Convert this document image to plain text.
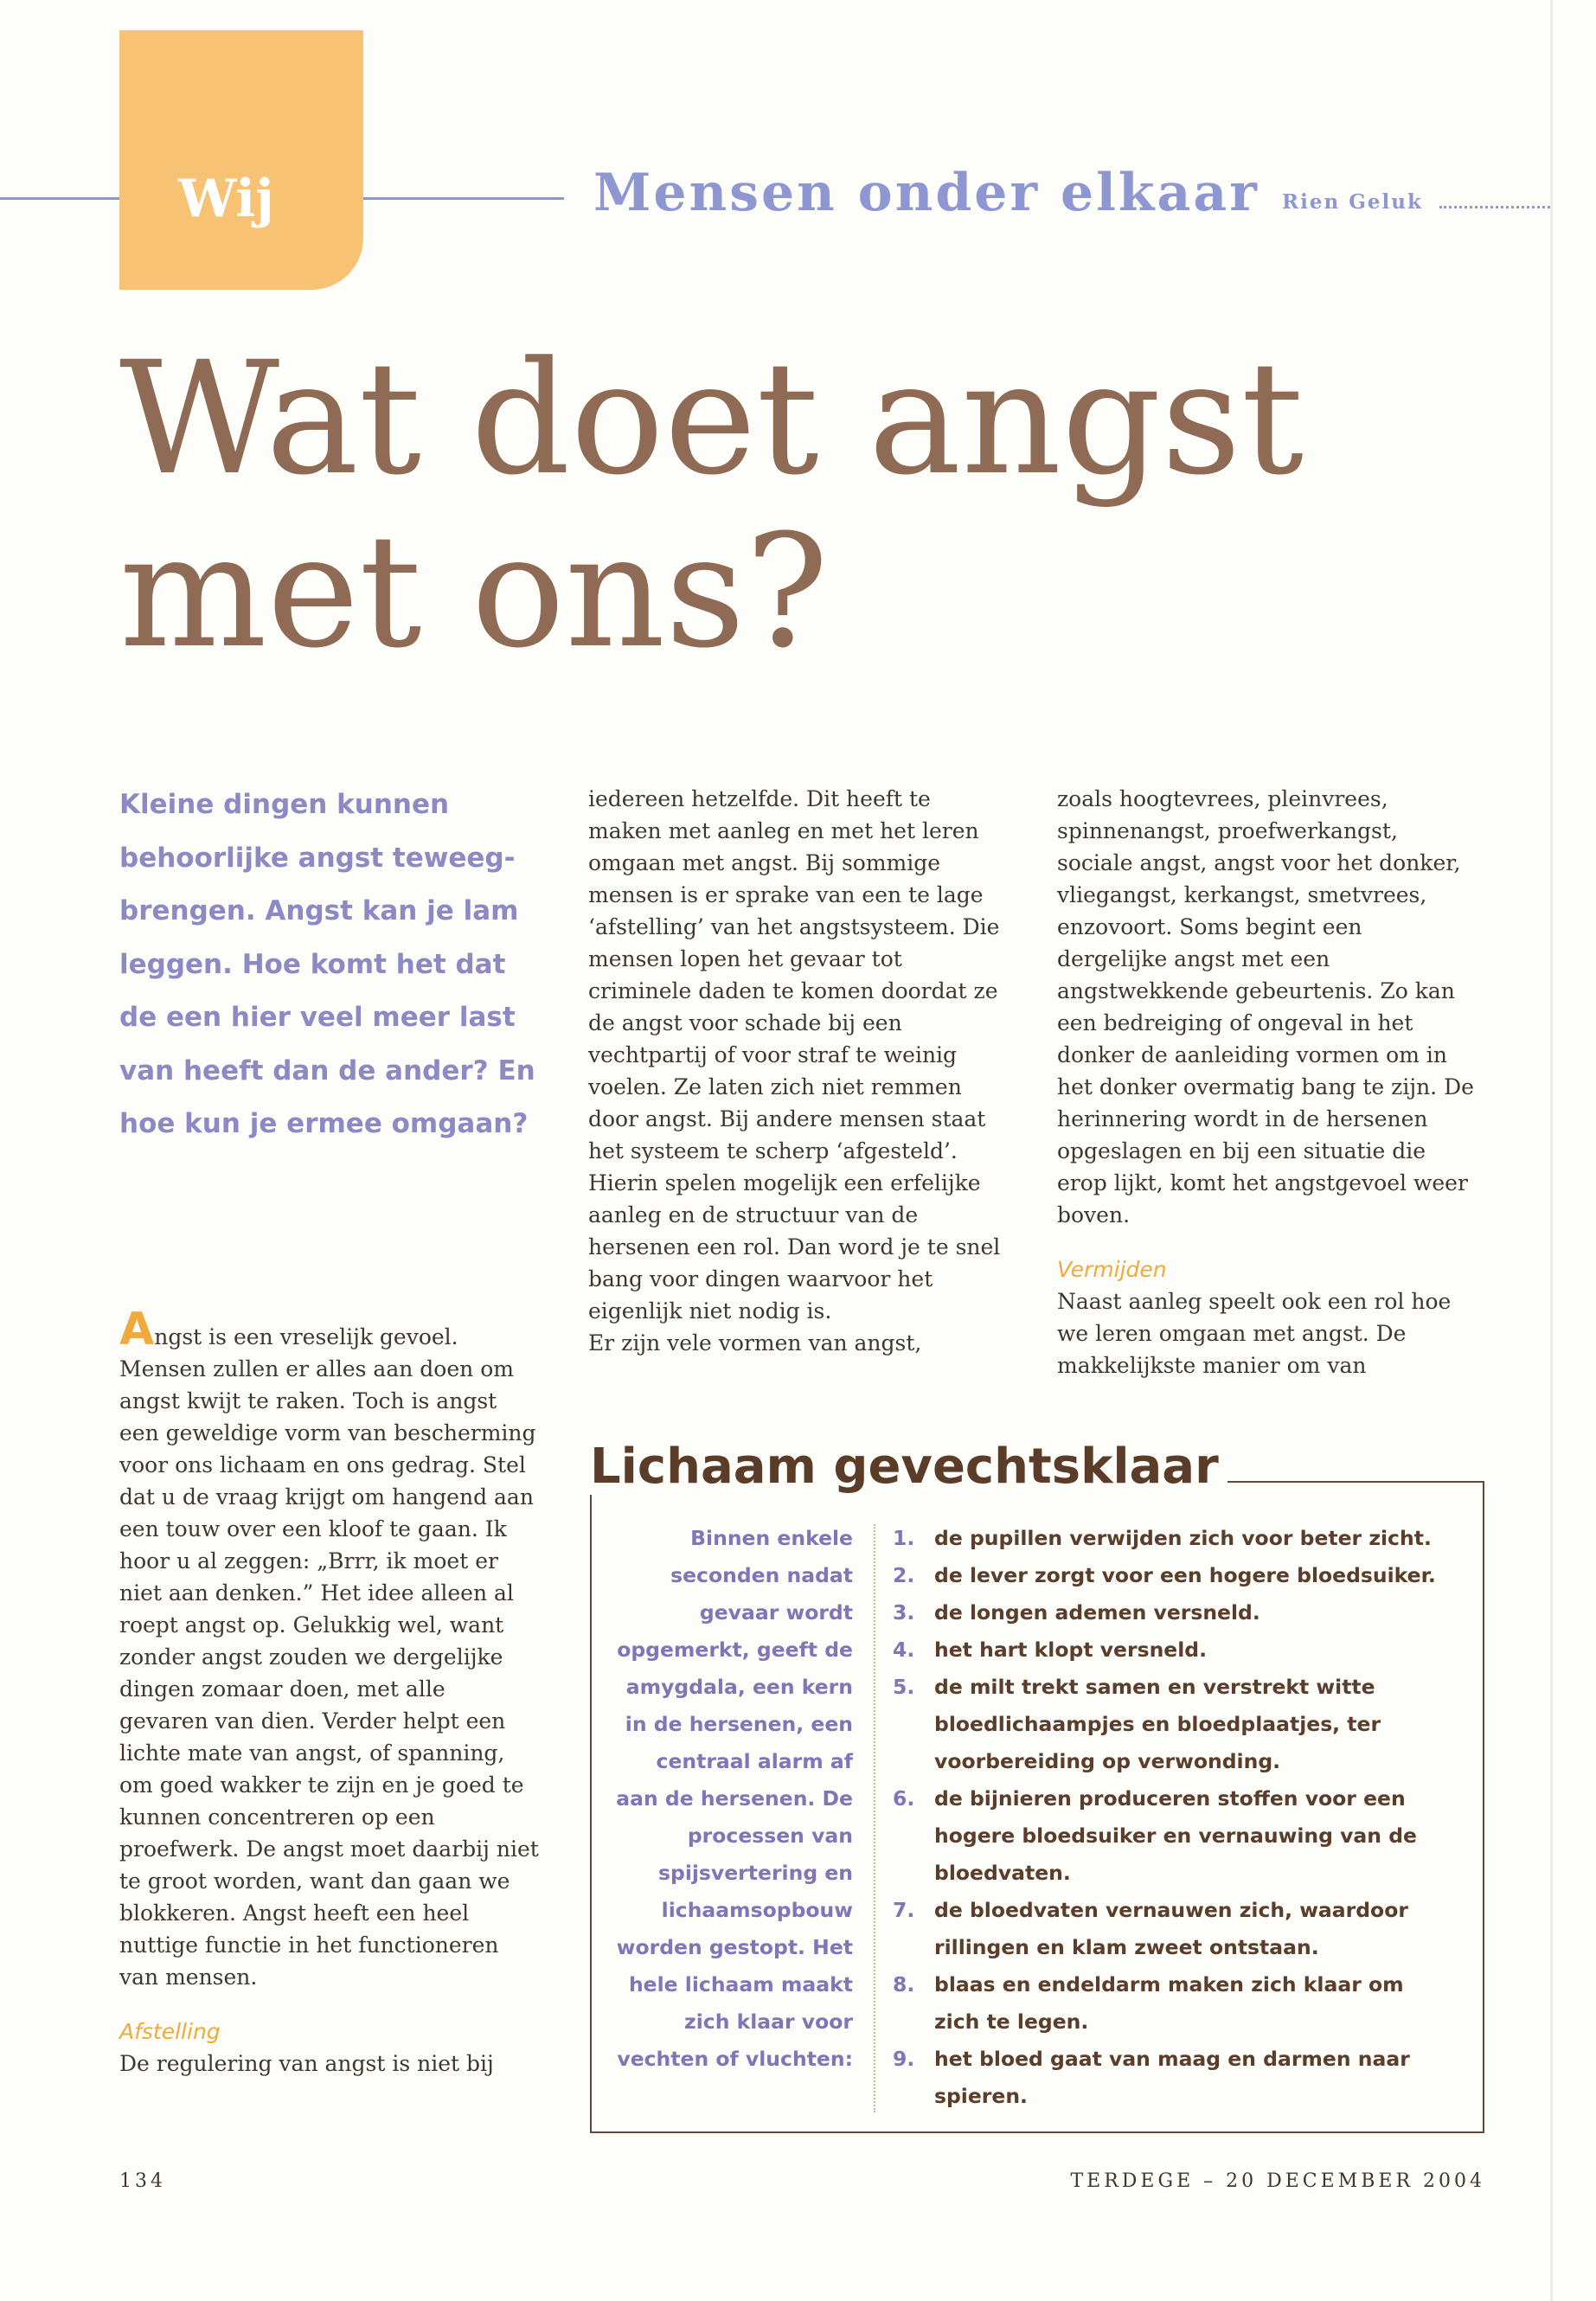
Wij	Mensen onder elkaar Rien Geluk
Wat doet angst met ons?

Kleine dingen kunnen behoorlijke angst teweeg-brengen. Angst kan je lam leggen. Hoe komt het dat de een hier veel meer last van heeft dan de ander? En hoe kun je ermee omgaan?

Angst is een vreselijk gevoel. Mensen zullen er alles aan doen om angst kwijt te raken. Toch is angst een geweldige vorm van bescherming voor ons lichaam en ons gedrag. Stel dat u de vraag krijgt om hangend aan een touw over een kloof te gaan. Ik hoor u al zeggen: „Brrr, ik moet er niet aan denken.” Het idee alleen al roept angst op. Gelukkig wel, want zonder angst zouden we dergelijke dingen zomaar doen, met alle gevaren van dien. Verder helpt een lichte mate van angst, of spanning, om goed wakker te zijn en je goed te kunnen concentreren op een proefwerk. De angst moet daarbij niet te groot worden, want dan gaan we blokkeren. Angst heeft een heel nuttige functie in het functioneren van mensen.

Afstelling

De regulering van angst is niet bij

iedereen hetzelfde. Dit heeft te maken met aanleg en met het leren omgaan met angst. Bij sommige mensen is er sprake van een te lage ‘afstelling’ van het angstsysteem. Die mensen lopen het gevaar tot criminele daden te komen doordat ze de angst voor schade bij een vechtpartij of voor straf te weinig voelen. Ze laten zich niet remmen door angst. Bij andere mensen staat het systeem te scherp ‘afgesteld’. Hierin spelen mogelijk een erfelijke aanleg en de structuur van de hersenen een rol. Dan word je te snel bang voor dingen waarvoor het eigenlijk niet nodig is.

Er zijn vele vormen van angst,

zoals hoogtevrees, pleinvrees, spinnenangst, proefwerkangst, sociale angst, angst voor het donker, vliegangst, kerkangst, smetvrees, enzovoort. Soms begint een dergelijke angst met een angstwekkende gebeurtenis. Zo kan een bedreiging of ongeval in het donker de aanleiding vormen om in het donker overmatig bang te zijn. De herinnering wordt in de hersenen opgeslagen en bij een situatie die erop lijkt, komt het angstgevoel weer boven.

Vermijden

Naast aanleg speelt ook een rol hoe we leren omgaan met angst. De makkelijkste manier om van

Lichaam gevechtsklaar

Binnen enkele seconden nadat gevaar wordt opgemerkt, geeft de amygdala, een kern in de hersenen, een centraal alarm af aan de hersenen. De processen van spijsvertering en lichaamsopbouw worden gestopt. Het hele lichaam maakt zich klaar voor vechten of vluchten:

1. de pupillen verwijden zich voor beter zicht.
2. de lever zorgt voor een hogere bloedsuiker.
3. de longen ademen versneld.
4. het hart klopt versneld.
5. de milt trekt samen en verstrekt witte bloedlichaampjes en bloedplaatjes, ter voorbereiding op verwonding.
6. de bijnieren produceren stoffen voor een hogere bloedsuiker en vernauwing van de bloedvaten.
7. de bloedvaten vernauwen zich, waardoor rillingen en klam zweet ontstaan.
8. blaas en endeldarm maken zich klaar om zich te legen.
9. het bloed gaat van maag en darmen naar spieren.
134	TERDEGE – 20 DECEMBER 2004
